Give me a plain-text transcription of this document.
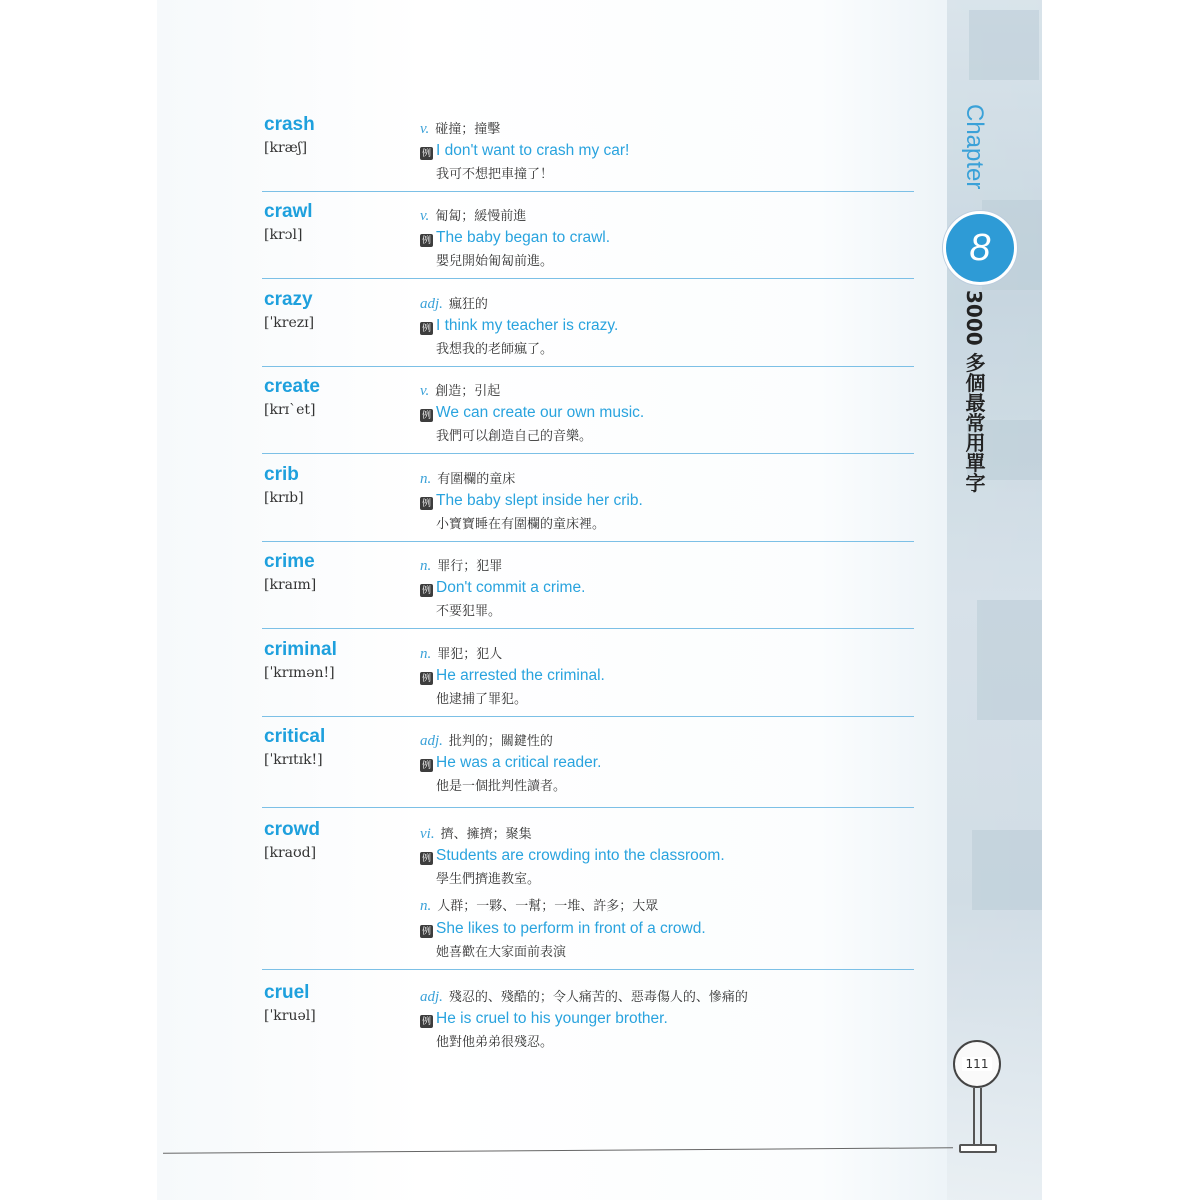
Chapter
8
3000 多個最常用單字
crash
[kræʃ]
v. 碰撞；撞擊
例 I don't want to crash my car!
我可不想把車撞了！
crawl
[krɔl]
v. 匍匐；緩慢前進
例 The baby began to crawl.
嬰兒開始匍匐前進。
crazy
[ˈkrezɪ]
adj. 瘋狂的
例 I think my teacher is crazy.
我想我的老師瘋了。
create
[krɪˋet]
v. 創造；引起
例 We can create our own music.
我們可以創造自己的音樂。
crib
[krɪb]
n. 有圍欄的童床
例 The baby slept inside her crib.
小寶寶睡在有圍欄的童床裡。
crime
[kraɪm]
n. 罪行；犯罪
例 Don't commit a crime.
不要犯罪。
criminal
[ˈkrɪmən!]
n. 罪犯；犯人
例 He arrested the criminal.
他逮捕了罪犯。
critical
[ˈkrɪtɪk!]
adj. 批判的；關鍵性的
例 He was a critical reader.
他是一個批判性讀者。
crowd
[kraʊd]
vi. 擠、擁擠；聚集
例 Students are crowding into the classroom.
學生們擠進教室。
n. 人群；一夥、一幫；一堆、許多；大眾
例 She likes to perform in front of a crowd.
她喜歡在大家面前表演
cruel
[ˈkruəl]
adj. 殘忍的、殘酷的；令人痛苦的、惡毒傷人的、慘痛的
例 He is cruel to his younger brother.
他對他弟弟很殘忍。
111
